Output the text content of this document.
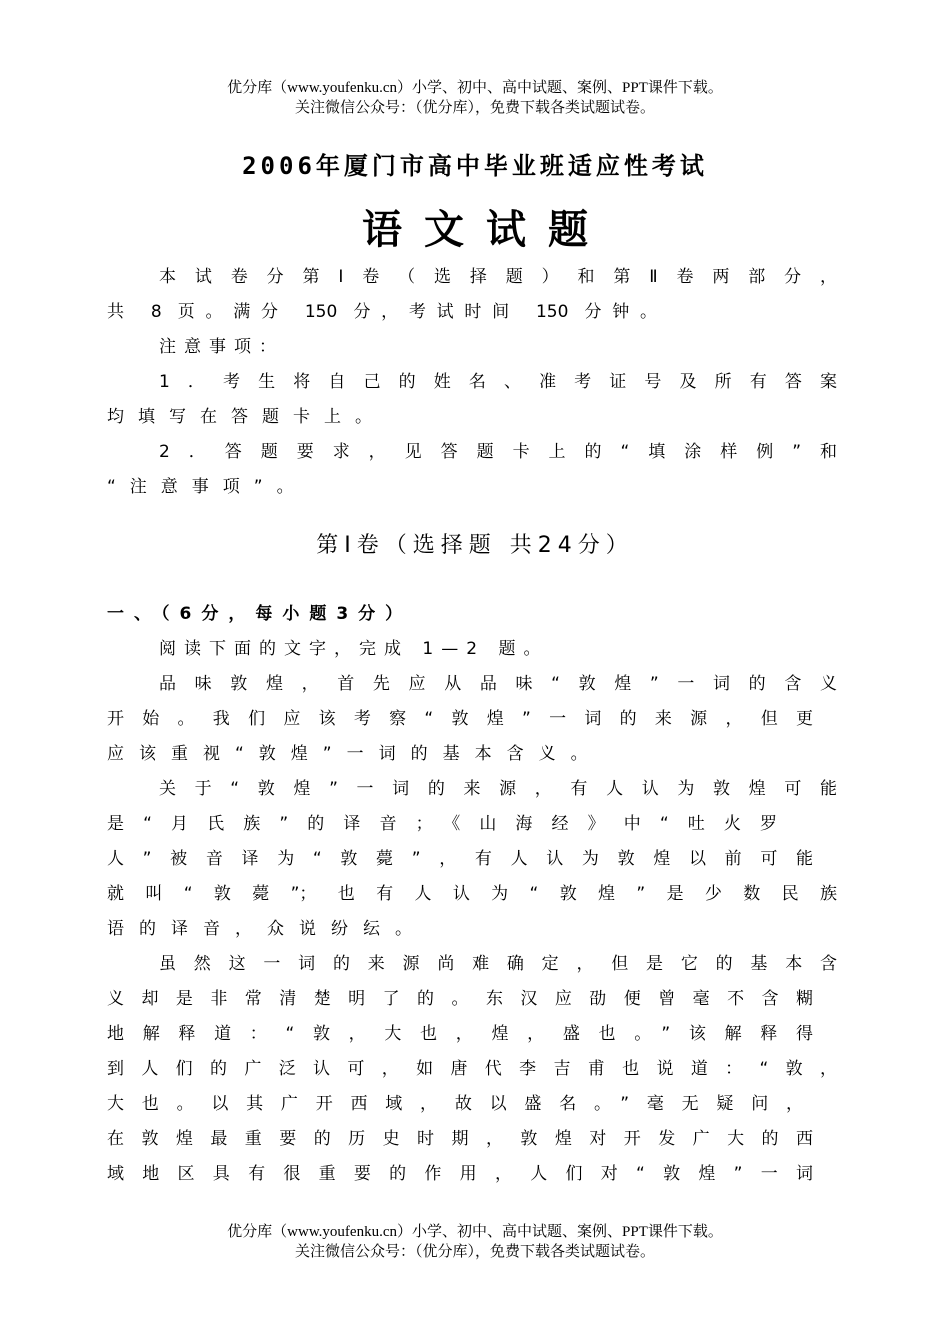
优分库（www.youfenku.cn）小学、初中、高中试题、案例、PPT课件下载。
关注微信公众号：（优分库），免费下载各类试题试卷。
2006年厦门市高中毕业班适应性考试
语文试题
本试卷分第Ⅰ卷（选择题）和第Ⅱ卷两部分，
共 8 页。满分 150 分，考试时间 150 分钟。
注意事项：
1．考生将自己的姓名、准考证号及所有答案
均填写在答题卡上。
2．答题要求，见答题卡上的“填涂样例”和
“注意事项”。
第Ⅰ卷（选择题 共24分）
一、（6分，每小题3分）
阅读下面的文字，完成 1—2 题。
品味敦煌，首先应从品味“敦煌”一词的含义
开始。我们应该考察“敦煌”一词的来源，但更
应该重视“敦煌”一词的基本含义。
关于“敦煌”一词的来源，有人认为敦煌可能
是“月氏族”的译音；《山海经》中“吐火罗
人”被音译为“敦薨”，有人认为敦煌以前可能
就叫“敦薨”；也有人认为“敦煌”是少数民族
语的译音，众说纷纭。
虽然这一词的来源尚难确定，但是它的基本含
义却是非常清楚明了的。东汉应劭便曾毫不含糊
地解释道：“敦，大也，煌，盛也。”该解释得
到人们的广泛认可，如唐代李吉甫也说道：“敦，
大也。以其广开西域，故以盛名。”毫无疑问，
在敦煌最重要的历史时期，敦煌对开发广大的西
域地区具有很重要的作用，人们对“敦煌”一词
优分库（www.youfenku.cn）小学、初中、高中试题、案例、PPT课件下载。
关注微信公众号：（优分库），免费下载各类试题试卷。
